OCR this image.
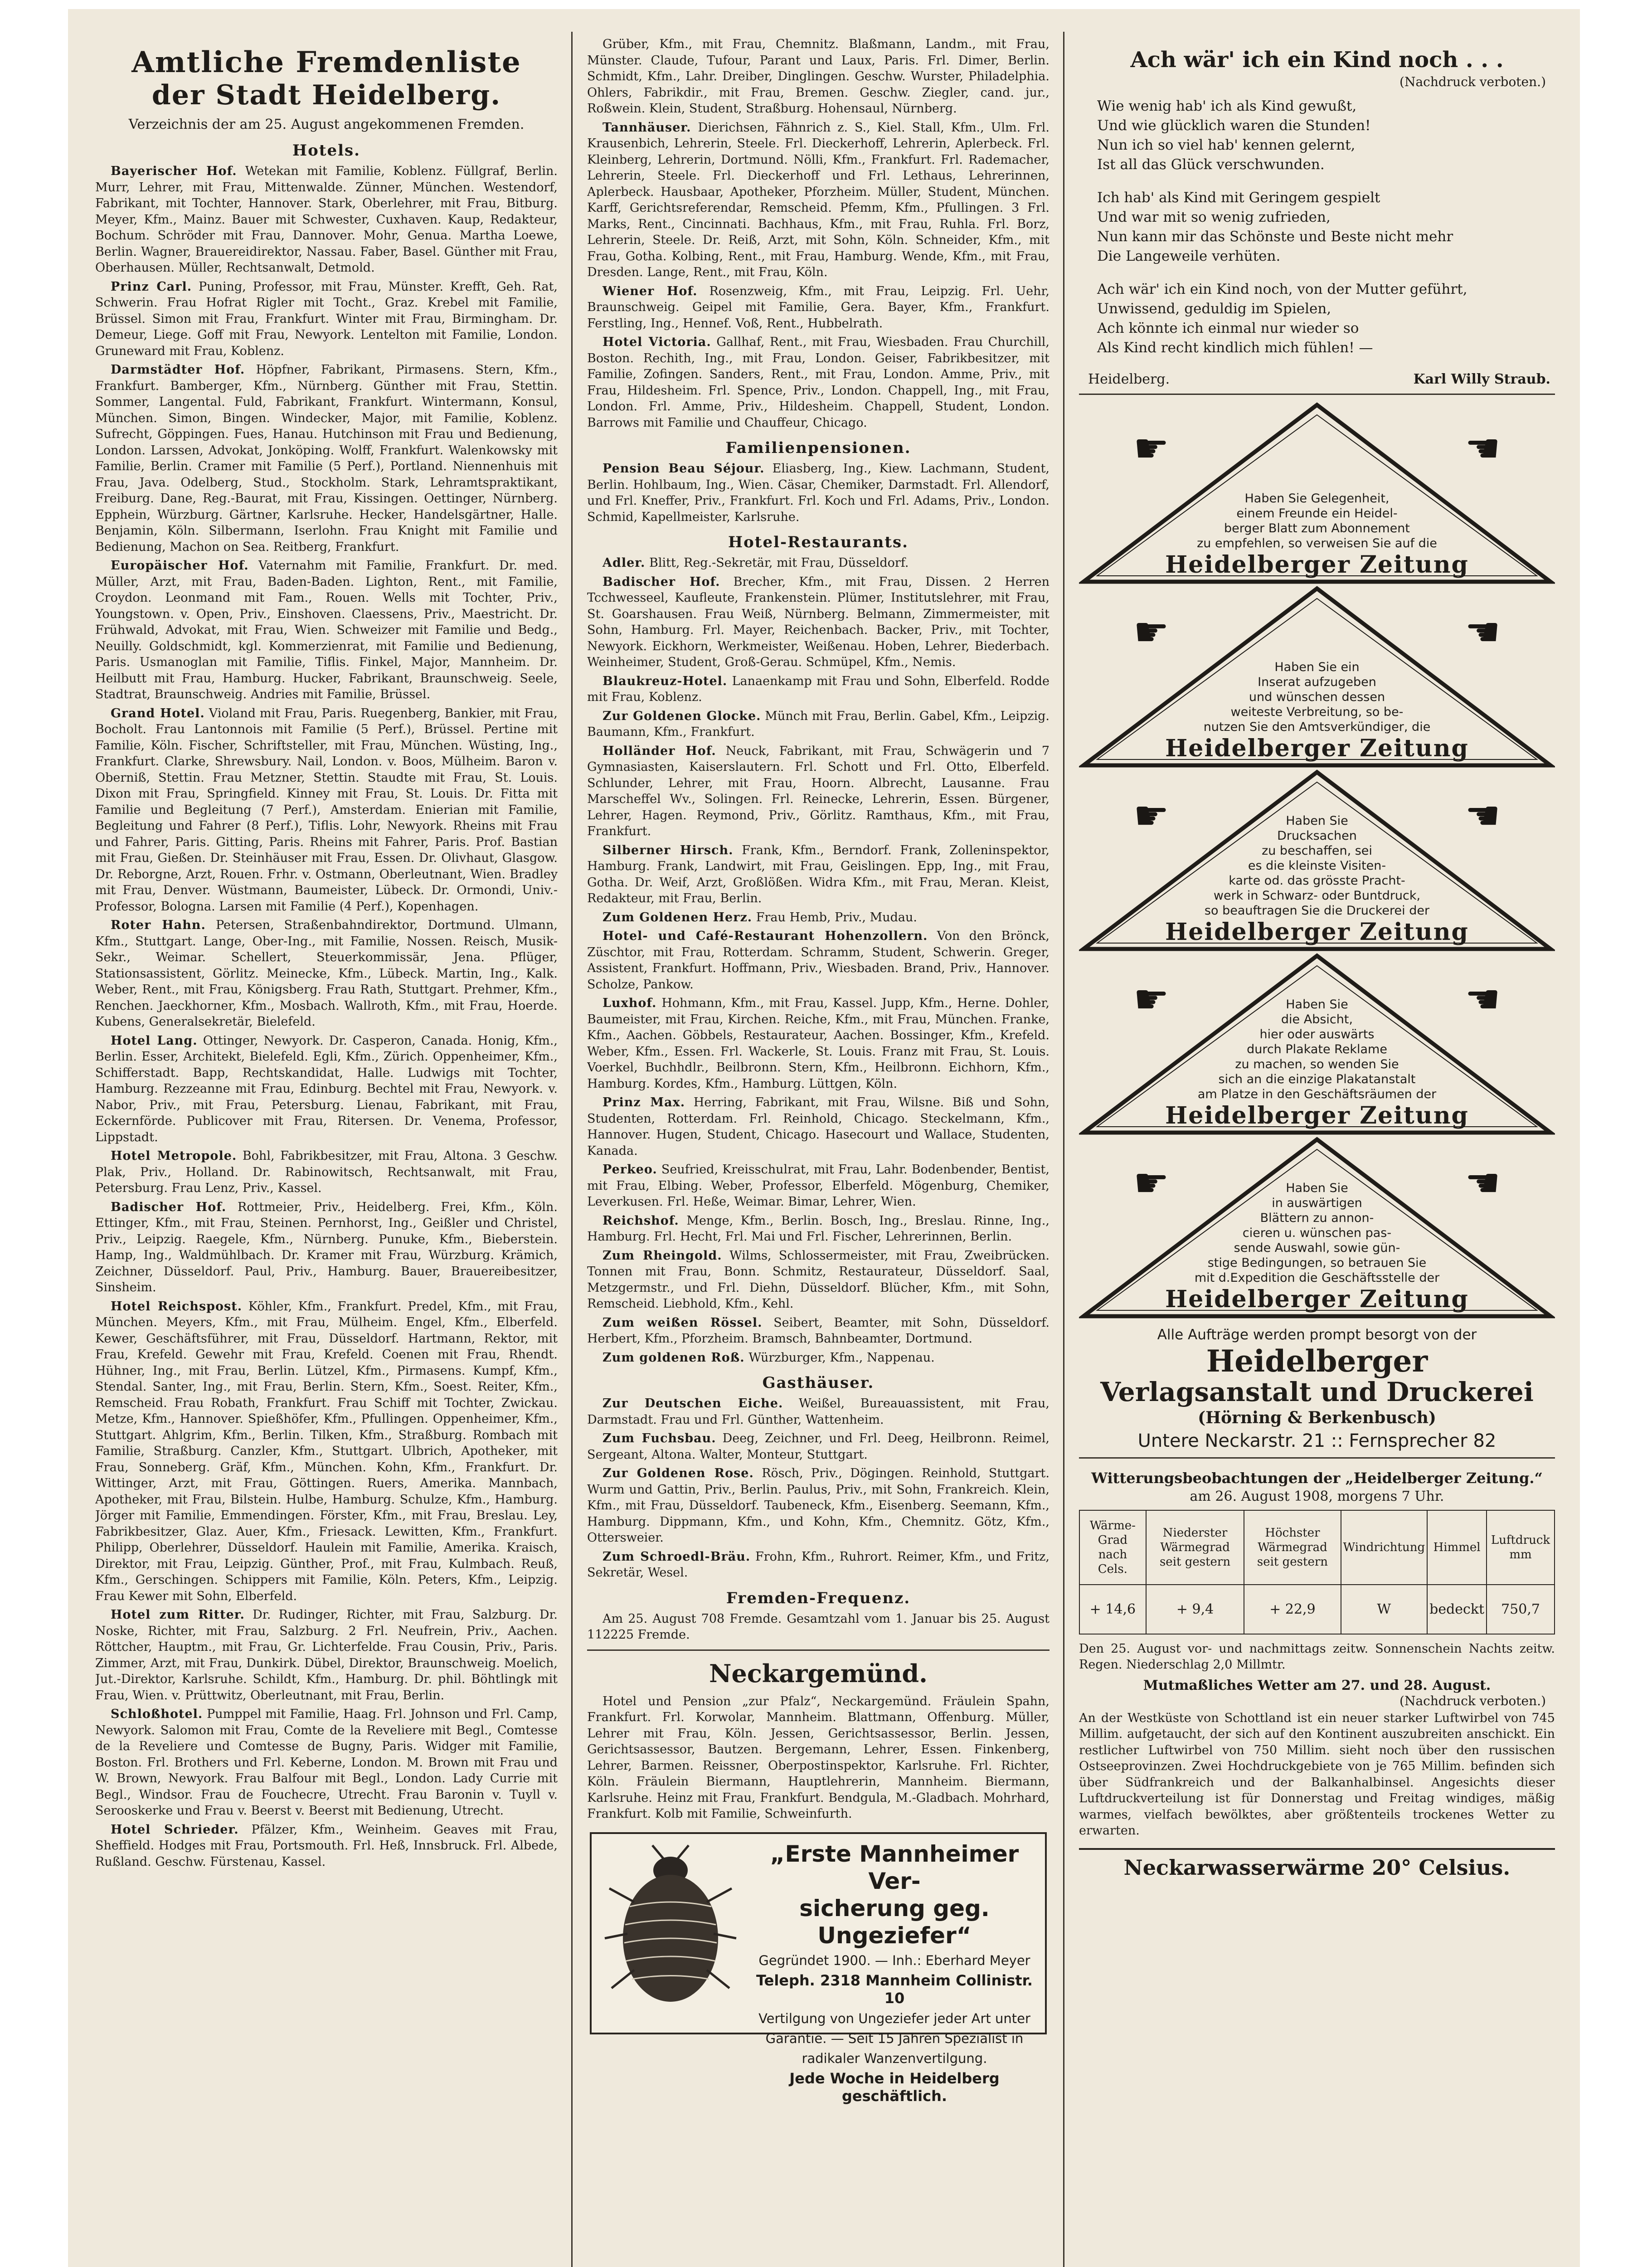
Amtliche Fremdenliste
der Stadt Heidelberg.
Verzeichnis der am 25. August angekommenen Fremden.
Hotels.

Bayerischer Hof. Wetekan mit Familie, Koblenz. Füllgraf, Berlin. Murr, Lehrer, mit Frau, Mittenwalde. Zünner, München. Westendorf, Fabrikant, mit Tochter, Hannover. Stark, Oberlehrer, mit Frau, Bitburg. Meyer, Kfm., Mainz. Bauer mit Schwester, Cuxhaven. Kaup, Redakteur, Bochum. Schröder mit Frau, Dannover. Mohr, Genua. Martha Loewe, Berlin. Wagner, Brauereidirektor, Nassau. Faber, Basel. Günther mit Frau, Oberhausen. Müller, Rechtsanwalt, Detmold.

Prinz Carl. Puning, Professor, mit Frau, Münster. Krefft, Geh. Rat, Schwerin. Frau Hofrat Rigler mit Tocht., Graz. Krebel mit Familie, Brüssel. Simon mit Frau, Frankfurt. Winter mit Frau, Birmingham. Dr. Demeur, Liege. Goff mit Frau, Newyork. Lentelton mit Familie, London. Gruneward mit Frau, Koblenz.

Darmstädter Hof. Höpfner, Fabrikant, Pirmasens. Stern, Kfm., Frankfurt. Bamberger, Kfm., Nürnberg. Günther mit Frau, Stettin. Sommer, Langental. Fuld, Fabrikant, Frankfurt. Wintermann, Konsul, München. Simon, Bingen. Windecker, Major, mit Familie, Koblenz. Sufrecht, Göppingen. Fues, Hanau. Hutchinson mit Frau und Bedienung, London. Larssen, Advokat, Jonköping. Wolff, Frankfurt. Walenkowsky mit Familie, Berlin. Cramer mit Familie (5 Perf.), Portland. Niennenhuis mit Frau, Java. Odelberg, Stud., Stockholm. Stark, Lehramtspraktikant, Freiburg. Dane, Reg.-Baurat, mit Frau, Kissingen. Oettinger, Nürnberg. Epphein, Würzburg. Gärtner, Karlsruhe. Hecker, Handelsgärtner, Halle. Benjamin, Köln. Silbermann, Iserlohn. Frau Knight mit Familie und Bedienung, Machon on Sea. Reitberg, Frankfurt.

Europäischer Hof. Vaternahm mit Familie, Frankfurt. Dr. med. Müller, Arzt, mit Frau, Baden-Baden. Lighton, Rent., mit Familie, Croydon. Leonmand mit Fam., Rouen. Wells mit Tochter, Priv., Youngstown. v. Open, Priv., Einshoven. Claessens, Priv., Maestricht. Dr. Frühwald, Advokat, mit Frau, Wien. Schweizer mit Familie und Bedg., Neuilly. Goldschmidt, kgl. Kommerzienrat, mit Familie und Bedienung, Paris. Usmanoglan mit Familie, Tiflis. Finkel, Major, Mannheim. Dr. Heilbutt mit Frau, Hamburg. Hucker, Fabrikant, Braunschweig. Seele, Stadtrat, Braunschweig. Andries mit Familie, Brüssel.

Grand Hotel. Violand mit Frau, Paris. Ruegenberg, Bankier, mit Frau, Bocholt. Frau Lantonnois mit Familie (5 Perf.), Brüssel. Pertine mit Familie, Köln. Fischer, Schriftsteller, mit Frau, München. Wüsting, Ing., Frankfurt. Clarke, Shrewsbury. Nail, London. v. Boos, Mülheim. Baron v. Oberniß, Stettin. Frau Metzner, Stettin. Staudte mit Frau, St. Louis. Dixon mit Frau, Springfield. Kinney mit Frau, St. Louis. Dr. Fitta mit Familie und Begleitung (7 Perf.), Amsterdam. Enierian mit Familie, Begleitung und Fahrer (8 Perf.), Tiflis. Lohr, Newyork. Rheins mit Frau und Fahrer, Paris. Gitting, Paris. Rheins mit Fahrer, Paris. Prof. Bastian mit Frau, Gießen. Dr. Steinhäuser mit Frau, Essen. Dr. Olivhaut, Glasgow. Dr. Reborgne, Arzt, Rouen. Frhr. v. Ostmann, Oberleutnant, Wien. Bradley mit Frau, Denver. Wüstmann, Baumeister, Lübeck. Dr. Ormondi, Univ.-Professor, Bologna. Larsen mit Familie (4 Perf.), Kopenhagen.

Roter Hahn. Petersen, Straßenbahndirektor, Dortmund. Ulmann, Kfm., Stuttgart. Lange, Ober-Ing., mit Familie, Nossen. Reisch, Musik-Sekr., Weimar. Schellert, Steuerkommissär, Jena. Pflüger, Stationsassistent, Görlitz. Meinecke, Kfm., Lübeck. Martin, Ing., Kalk. Weber, Rent., mit Frau, Königsberg. Frau Rath, Stuttgart. Prehmer, Kfm., Renchen. Jaeckhorner, Kfm., Mosbach. Wallroth, Kfm., mit Frau, Hoerde. Kubens, Generalsekretär, Bielefeld.

Hotel Lang. Ottinger, Newyork. Dr. Casperon, Canada. Honig, Kfm., Berlin. Esser, Architekt, Bielefeld. Egli, Kfm., Zürich. Oppenheimer, Kfm., Schifferstadt. Bapp, Rechtskandidat, Halle. Ludwigs mit Tochter, Hamburg. Rezzeanne mit Frau, Edinburg. Bechtel mit Frau, Newyork. v. Nabor, Priv., mit Frau, Petersburg. Lienau, Fabrikant, mit Frau, Eckernförde. Publicover mit Frau, Ritersen. Dr. Venema, Professor, Lippstadt.

Hotel Metropole. Bohl, Fabrikbesitzer, mit Frau, Altona. 3 Geschw. Plak, Priv., Holland. Dr. Rabinowitsch, Rechtsanwalt, mit Frau, Petersburg. Frau Lenz, Priv., Kassel.

Badischer Hof. Rottmeier, Priv., Heidelberg. Frei, Kfm., Köln. Ettinger, Kfm., mit Frau, Steinen. Pernhorst, Ing., Geißler und Christel, Priv., Leipzig. Raegele, Kfm., Nürnberg. Punuke, Kfm., Bieberstein. Hamp, Ing., Waldmühlbach. Dr. Kramer mit Frau, Würzburg. Krämich, Zeichner, Düsseldorf. Paul, Priv., Hamburg. Bauer, Brauereibesitzer, Sinsheim.

Hotel Reichspost. Köhler, Kfm., Frankfurt. Predel, Kfm., mit Frau, München. Meyers, Kfm., mit Frau, Mülheim. Engel, Kfm., Elberfeld. Kewer, Geschäftsführer, mit Frau, Düsseldorf. Hartmann, Rektor, mit Frau, Krefeld. Gewehr mit Frau, Krefeld. Coenen mit Frau, Rhendt. Hühner, Ing., mit Frau, Berlin. Lützel, Kfm., Pirmasens. Kumpf, Kfm., Stendal. Santer, Ing., mit Frau, Berlin. Stern, Kfm., Soest. Reiter, Kfm., Remscheid. Frau Robath, Frankfurt. Frau Schiff mit Tochter, Zwickau. Metze, Kfm., Hannover. Spießhöfer, Kfm., Pfullingen. Oppenheimer, Kfm., Stuttgart. Ahlgrim, Kfm., Berlin. Tilken, Kfm., Straßburg. Rombach mit Familie, Straßburg. Canzler, Kfm., Stuttgart. Ulbrich, Apotheker, mit Frau, Sonneberg. Gräf, Kfm., München. Kohn, Kfm., Frankfurt. Dr. Wittinger, Arzt, mit Frau, Göttingen. Ruers, Amerika. Mannbach, Apotheker, mit Frau, Bilstein. Hulbe, Hamburg. Schulze, Kfm., Hamburg. Jörger mit Familie, Emmendingen. Förster, Kfm., mit Frau, Breslau. Ley, Fabrikbesitzer, Glaz. Auer, Kfm., Friesack. Lewitten, Kfm., Frankfurt. Philipp, Oberlehrer, Düsseldorf. Haulein mit Familie, Amerika. Kraisch, Direktor, mit Frau, Leipzig. Günther, Prof., mit Frau, Kulmbach. Reuß, Kfm., Gerschingen. Schippers mit Familie, Köln. Peters, Kfm., Leipzig. Frau Kewer mit Sohn, Elberfeld.

Hotel zum Ritter. Dr. Rudinger, Richter, mit Frau, Salzburg. Dr. Noske, Richter, mit Frau, Salzburg. 2 Frl. Neufrein, Priv., Aachen. Röttcher, Hauptm., mit Frau, Gr. Lichterfelde. Frau Cousin, Priv., Paris. Zimmer, Arzt, mit Frau, Dunkirk. Dübel, Direktor, Braunschweig. Moelich, Jut.-Direktor, Karlsruhe. Schildt, Kfm., Hamburg. Dr. phil. Böhtlingk mit Frau, Wien. v. Prüttwitz, Oberleutnant, mit Frau, Berlin.

Schloßhotel. Pumppel mit Familie, Haag. Frl. Johnson und Frl. Camp, Newyork. Salomon mit Frau, Comte de la Reveliere mit Begl., Comtesse de la Reveliere und Comtesse de Bugny, Paris. Widger mit Familie, Boston. Frl. Brothers und Frl. Keberne, London. M. Brown mit Frau und W. Brown, Newyork. Frau Balfour mit Begl., London. Lady Currie mit Begl., Windsor. Frau de Fouchecre, Utrecht. Frau Baronin v. Tuyll v. Serooskerke und Frau v. Beerst v. Beerst mit Bedienung, Utrecht.

Hotel Schrieder. Pfälzer, Kfm., Weinheim. Geaves mit Frau, Sheffield. Hodges mit Frau, Portsmouth. Frl. Heß, Innsbruck. Frl. Albede, Rußland. Geschw. Fürstenau, Kassel.

Grüber, Kfm., mit Frau, Chemnitz. Blaßmann, Landm., mit Frau, Münster. Claude, Tufour, Parant und Laux, Paris. Frl. Dimer, Berlin. Schmidt, Kfm., Lahr. Dreiber, Dinglingen. Geschw. Wurster, Philadelphia. Ohlers, Fabrikdir., mit Frau, Bremen. Geschw. Ziegler, cand. jur., Roßwein. Klein, Student, Straßburg. Hohensaul, Nürnberg.

Tannhäuser. Dierichsen, Fähnrich z. S., Kiel. Stall, Kfm., Ulm. Frl. Krausenbich, Lehrerin, Steele. Frl. Dieckerhoff, Lehrerin, Aplerbeck. Frl. Kleinberg, Lehrerin, Dortmund. Nölli, Kfm., Frankfurt. Frl. Rademacher, Lehrerin, Steele. Frl. Dieckerhoff und Frl. Lethaus, Lehrerinnen, Aplerbeck. Hausbaar, Apotheker, Pforzheim. Müller, Student, München. Karff, Gerichtsreferendar, Remscheid. Pfemm, Kfm., Pfullingen. 3 Frl. Marks, Rent., Cincinnati. Bachhaus, Kfm., mit Frau, Ruhla. Frl. Borz, Lehrerin, Steele. Dr. Reiß, Arzt, mit Sohn, Köln. Schneider, Kfm., mit Frau, Gotha. Kolbing, Rent., mit Frau, Hamburg. Wende, Kfm., mit Frau, Dresden. Lange, Rent., mit Frau, Köln.

Wiener Hof. Rosenzweig, Kfm., mit Frau, Leipzig. Frl. Uehr, Braunschweig. Geipel mit Familie, Gera. Bayer, Kfm., Frankfurt. Ferstling, Ing., Hennef. Voß, Rent., Hubbelrath.

Hotel Victoria. Gallhaf, Rent., mit Frau, Wiesbaden. Frau Churchill, Boston. Rechith, Ing., mit Frau, London. Geiser, Fabrikbesitzer, mit Familie, Zofingen. Sanders, Rent., mit Frau, London. Amme, Priv., mit Frau, Hildesheim. Frl. Spence, Priv., London. Chappell, Ing., mit Frau, London. Frl. Amme, Priv., Hildesheim. Chappell, Student, London. Barrows mit Familie und Chauffeur, Chicago.

Familienpensionen.

Pension Beau Séjour. Eliasberg, Ing., Kiew. Lachmann, Student, Berlin. Hohlbaum, Ing., Wien. Cäsar, Chemiker, Darmstadt. Frl. Allendorf, und Frl. Kneffer, Priv., Frankfurt. Frl. Koch und Frl. Adams, Priv., London. Schmid, Kapellmeister, Karlsruhe.

Hotel-Restaurants.

Adler. Blitt, Reg.-Sekretär, mit Frau, Düsseldorf.

Badischer Hof. Brecher, Kfm., mit Frau, Dissen. 2 Herren Tcchwesseel, Kaufleute, Frankenstein. Plümer, Institutslehrer, mit Frau, St. Goarshausen. Frau Weiß, Nürnberg. Belmann, Zimmermeister, mit Sohn, Hamburg. Frl. Mayer, Reichenbach. Backer, Priv., mit Tochter, Newyork. Eickhorn, Werkmeister, Weißenau. Hoben, Lehrer, Biederbach. Weinheimer, Student, Groß-Gerau. Schmüpel, Kfm., Nemis.

Blaukreuz-Hotel. Lanaenkamp mit Frau und Sohn, Elberfeld. Rodde mit Frau, Koblenz.

Zur Goldenen Glocke. Münch mit Frau, Berlin. Gabel, Kfm., Leipzig. Baumann, Kfm., Frankfurt.

Holländer Hof. Neuck, Fabrikant, mit Frau, Schwägerin und 7 Gymnasiasten, Kaiserslautern. Frl. Schott und Frl. Otto, Elberfeld. Schlunder, Lehrer, mit Frau, Hoorn. Albrecht, Lausanne. Frau Marscheffel Wv., Solingen. Frl. Reinecke, Lehrerin, Essen. Bürgener, Lehrer, Hagen. Reymond, Priv., Görlitz. Ramthaus, Kfm., mit Frau, Frankfurt.

Silberner Hirsch. Frank, Kfm., Berndorf. Frank, Zolleninspektor, Hamburg. Frank, Landwirt, mit Frau, Geislingen. Epp, Ing., mit Frau, Gotha. Dr. Weif, Arzt, Großlößen. Widra Kfm., mit Frau, Meran. Kleist, Redakteur, mit Frau, Berlin.

Zum Goldenen Herz. Frau Hemb, Priv., Mudau.

Hotel- und Café-Restaurant Hohenzollern. Von den Brönck, Züschtor, mit Frau, Rotterdam. Schramm, Student, Schwerin. Greger, Assistent, Frankfurt. Hoffmann, Priv., Wiesbaden. Brand, Priv., Hannover. Scholze, Pankow.

Luxhof. Hohmann, Kfm., mit Frau, Kassel. Jupp, Kfm., Herne. Dohler, Baumeister, mit Frau, Kirchen. Reiche, Kfm., mit Frau, München. Franke, Kfm., Aachen. Göbbels, Restaurateur, Aachen. Bossinger, Kfm., Krefeld. Weber, Kfm., Essen. Frl. Wackerle, St. Louis. Franz mit Frau, St. Louis. Voerkel, Buchhdlr., Beilbronn. Stern, Kfm., Heilbronn. Eichhorn, Kfm., Hamburg. Kordes, Kfm., Hamburg. Lüttgen, Köln.

Prinz Max. Herring, Fabrikant, mit Frau, Wilsne. Biß und Sohn, Studenten, Rotterdam. Frl. Reinhold, Chicago. Steckelmann, Kfm., Hannover. Hugen, Student, Chicago. Hasecourt und Wallace, Studenten, Kanada.

Perkeo. Seufried, Kreisschulrat, mit Frau, Lahr. Bodenbender, Bentist, mit Frau, Elbing. Weber, Professor, Elberfeld. Mögenburg, Chemiker, Leverkusen. Frl. Heße, Weimar. Bimar, Lehrer, Wien.

Reichshof. Menge, Kfm., Berlin. Bosch, Ing., Breslau. Rinne, Ing., Hamburg. Frl. Hecht, Frl. Mai und Frl. Fischer, Lehrerinnen, Berlin.

Zum Rheingold. Wilms, Schlossermeister, mit Frau, Zweibrücken. Tonnen mit Frau, Bonn. Schmitz, Restaurateur, Düsseldorf. Saal, Metzgermstr., und Frl. Diehn, Düsseldorf. Blücher, Kfm., mit Sohn, Remscheid. Liebhold, Kfm., Kehl.

Zum weißen Rössel. Seibert, Beamter, mit Sohn, Düsseldorf. Herbert, Kfm., Pforzheim. Bramsch, Bahnbeamter, Dortmund.

Zum goldenen Roß. Würzburger, Kfm., Nappenau.

Gasthäuser.

Zur Deutschen Eiche. Weißel, Bureauassistent, mit Frau, Darmstadt. Frau und Frl. Günther, Wattenheim.

Zum Fuchsbau. Deeg, Zeichner, und Frl. Deeg, Heilbronn. Reimel, Sergeant, Altona. Walter, Monteur, Stuttgart.

Zur Goldenen Rose. Rösch, Priv., Dögingen. Reinhold, Stuttgart. Wurm und Gattin, Priv., Berlin. Paulus, Priv., mit Sohn, Frankreich. Klein, Kfm., mit Frau, Düsseldorf. Taubeneck, Kfm., Eisenberg. Seemann, Kfm., Hamburg. Dippmann, Kfm., und Kohn, Kfm., Chemnitz. Götz, Kfm., Ottersweier.

Zum Schroedl-Bräu. Frohn, Kfm., Ruhrort. Reimer, Kfm., und Fritz, Sekretär, Wesel.

Fremden-Frequenz.

Am 25. August 708 Fremde. Gesamtzahl vom 1. Januar bis 25. August 112225 Fremde.

Neckargemünd.

Hotel und Pension „zur Pfalz“, Neckargemünd. Fräulein Spahn, Frankfurt. Frl. Korwolar, Mannheim. Blattmann, Offenburg. Müller, Lehrer mit Frau, Köln. Jessen, Gerichtsassessor, Berlin. Jessen, Gerichtsassessor, Bautzen. Bergemann, Lehrer, Essen. Finkenberg, Lehrer, Barmen. Reissner, Oberpostinspektor, Karlsruhe. Frl. Richter, Köln. Fräulein Biermann, Hauptlehrerin, Mannheim. Biermann, Karlsruhe. Heinz mit Frau, Frankfurt. Bendgula, M.-Gladbach. Mohrhard, Frankfurt. Kolb mit Familie, Schweinfurth.

„Erste Mannheimer Ver-
sicherung geg. Ungeziefer“
Gegründet 1900. — Inh.: Eberhard Meyer
Teleph. 2318 Mannheim Collinistr. 10
Vertilgung von Ungeziefer jeder Art unter
Garantie. — Seit 15 Jahren Spezialist in
radikaler Wanzenvertilgung.
Jede Woche in Heidelberg geschäftlich.
Ach wär' ich ein Kind noch . . .
(Nachdruck verboten.)
Wie wenig hab' ich als Kind gewußt,
Und wie glücklich waren die Stunden!
Nun ich so viel hab' kennen gelernt,
Ist all das Glück verschwunden.
Ich hab' als Kind mit Geringem gespielt
Und war mit so wenig zufrieden,
Nun kann mir das Schönste und Beste nicht mehr
Die Langeweile verhüten.
Ach wär' ich ein Kind noch, von der Mutter geführt,
Unwissend, geduldig im Spielen,
Ach könnte ich einmal nur wieder so
Als Kind recht kindlich mich fühlen! —
Heidelberg.	Karl Willy Straub.
☛	☚
Haben Sie Gelegenheit,
einem Freunde ein Heidel-
berger Blatt zum Abonnement
zu empfehlen, so verweisen Sie auf die
Heidelberger Zeitung
☛	☚
Haben Sie ein
Inserat aufzugeben
und wünschen dessen
weiteste Verbreitung, so be-
nutzen Sie den Amtsverkündiger, die
Heidelberger Zeitung
☛	☚
Haben Sie
Drucksachen
zu beschaffen, sei
es die kleinste Visiten-
karte od. das grösste Pracht-
werk in Schwarz- oder Buntdruck,
so beauftragen Sie die Druckerei der
Heidelberger Zeitung
☛	☚
Haben Sie
die Absicht,
hier oder auswärts
durch Plakate Reklame
zu machen, so wenden Sie
sich an die einzige Plakatanstalt
am Platze in den Geschäftsräumen der
Heidelberger Zeitung
☛	☚
Haben Sie
in auswärtigen
Blättern zu annon-
cieren u. wünschen pas-
sende Auswahl, sowie gün-
stige Bedingungen, so betrauen Sie
mit d.Expedition die Geschäftsstelle der
Heidelberger Zeitung
Alle Aufträge werden prompt besorgt von der
Heidelberger
Verlagsanstalt und Druckerei
(Hörning & Berkenbusch)
Untere Neckarstr. 21 :: Fernsprecher 82
Witterungsbeobachtungen der „Heidelberger Zeitung.“
am 26. August 1908, morgens 7 Uhr.
Wärme-Grad nach Cels.	Niederster Wärmegrad seit gestern	Höchster Wärmegrad seit gestern	Windrichtung	Himmel	Luftdruck mm
+ 14,6	+ 9,4	+ 22,9	W	bedeckt	750,7

Den 25. August vor- und nachmittags zeitw. Sonnenschein Nachts zeitw. Regen. Niederschlag 2,0 Millmtr.

Mutmaßliches Wetter am 27. und 28. August.
(Nachdruck verboten.)

An der Westküste von Schottland ist ein neuer starker Luftwirbel von 745 Millim. aufgetaucht, der sich auf den Kontinent auszubreiten anschickt. Ein restlicher Luftwirbel von 750 Millim. sieht noch über den russischen Ostseeprovinzen. Zwei Hochdruckgebiete von je 765 Millim. befinden sich über Südfrankreich und der Balkanhalbinsel. Angesichts dieser Luftdruckverteilung ist für Donnerstag und Freitag windiges, mäßig warmes, vielfach bewölktes, aber größtenteils trockenes Wetter zu erwarten.

Neckarwasserwärme 20° Celsius.
